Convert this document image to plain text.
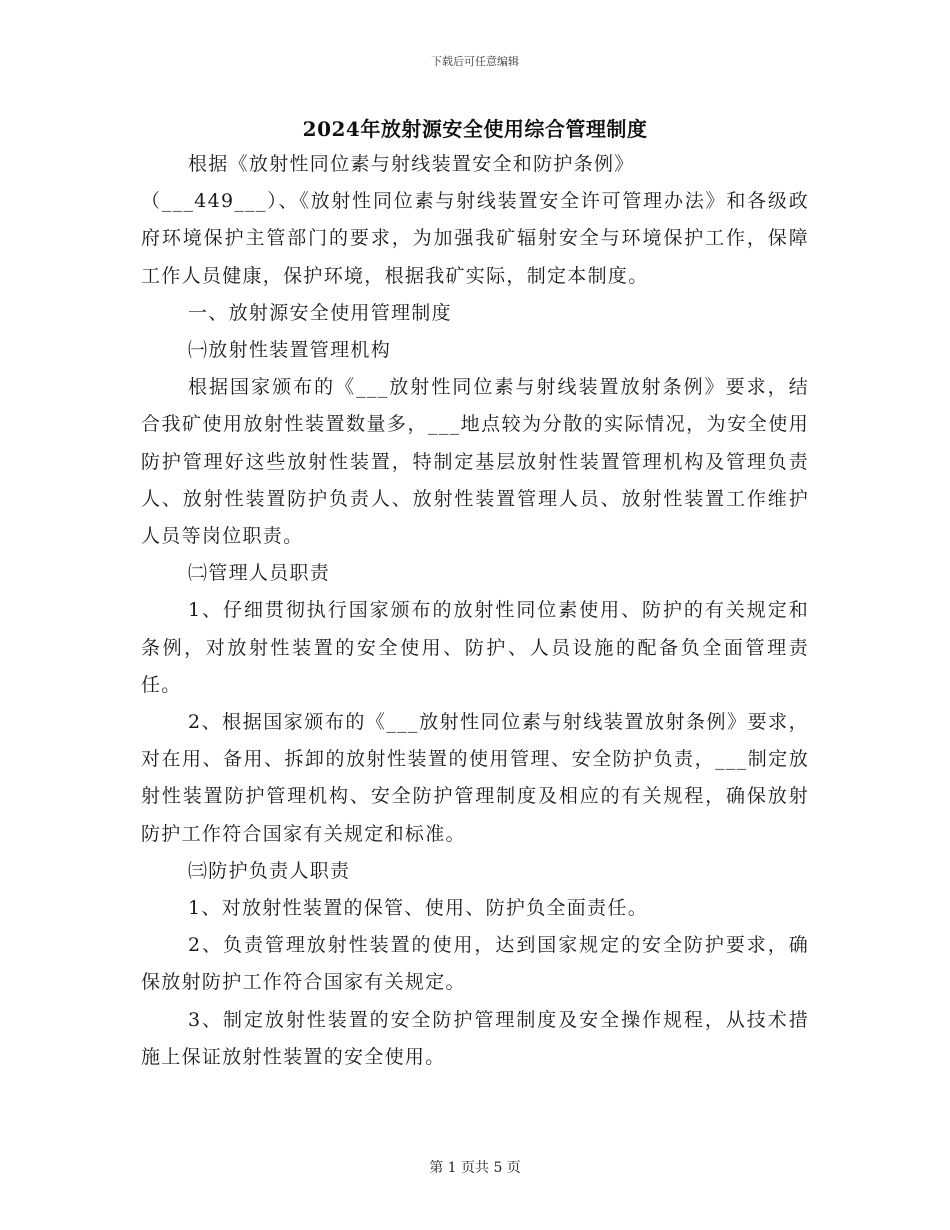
下载后可任意编辑
2024年放射源安全使用综合管理制度

根据《放射性同位素与射线装置安全和防护条例》

（___449___）、《放射性同位素与射线装置安全许可管理办法》和各级政府环境保护主管部门的要求，为加强我矿辐射安全与环境保护工作，保障工作人员健康，保护环境，根据我矿实际，制定本制度。

一、放射源安全使用管理制度

㈠放射性装置管理机构

根据国家颁布的《___放射性同位素与射线装置放射条例》要求，结合我矿使用放射性装置数量多，___地点较为分散的实际情况，为安全使用防护管理好这些放射性装置，特制定基层放射性装置管理机构及管理负责人、放射性装置防护负责人、放射性装置管理人员、放射性装置工作维护人员等岗位职责。

㈡管理人员职责

1、仔细贯彻执行国家颁布的放射性同位素使用、防护的有关规定和条例，对放射性装置的安全使用、防护、人员设施的配备负全面管理责任。

2、根据国家颁布的《___放射性同位素与射线装置放射条例》要求，对在用、备用、拆卸的放射性装置的使用管理、安全防护负责，___制定放射性装置防护管理机构、安全防护管理制度及相应的有关规程，确保放射防护工作符合国家有关规定和标准。

㈢防护负责人职责

1、对放射性装置的保管、使用、防护负全面责任。

2、负责管理放射性装置的使用，达到国家规定的安全防护要求，确保放射防护工作符合国家有关规定。

3、制定放射性装置的安全防护管理制度及安全操作规程，从技术措施上保证放射性装置的安全使用。

第 1 页共 5 页
